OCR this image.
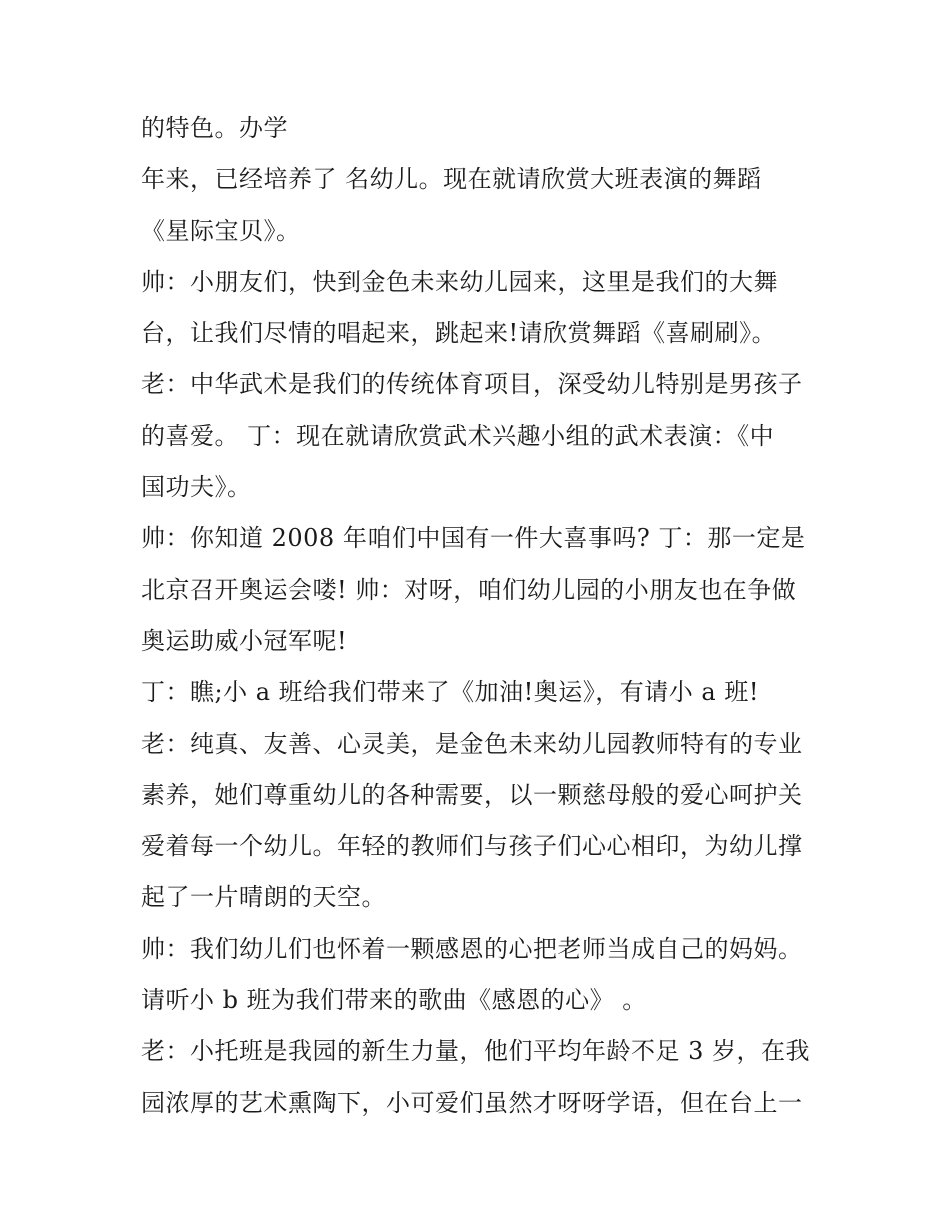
的特色。办学
年来，已经培养了 名幼儿。现在就请欣赏大班表演的舞蹈
《星际宝贝》。
帅：小朋友们，快到金色未来幼儿园来，这里是我们的大舞
台，让我们尽情的唱起来，跳起来!请欣赏舞蹈《喜刷刷》。
老：中华武术是我们的传统体育项目，深受幼儿特别是男孩子
的喜爱。 丁：现在就请欣赏武术兴趣小组的武术表演：《中
国功夫》。
帅：你知道 2008 年咱们中国有一件大喜事吗? 丁：那一定是
北京召开奥运会喽! 帅：对呀，咱们幼儿园的小朋友也在争做
奥运助威小冠军呢!
丁：瞧;小 a 班给我们带来了《加油!奥运》，有请小 a 班!
老：纯真、友善、心灵美，是金色未来幼儿园教师特有的专业
素养，她们尊重幼儿的各种需要，以一颗慈母般的爱心呵护关
爱着每一个幼儿。年轻的教师们与孩子们心心相印，为幼儿撑
起了一片晴朗的天空。
帅：我们幼儿们也怀着一颗感恩的心把老师当成自己的妈妈。
请听小 b 班为我们带来的歌曲《感恩的心》 。
老：小托班是我园的新生力量，他们平均年龄不足 3 岁，在我
园浓厚的艺术熏陶下，小可爱们虽然才呀呀学语，但在台上一
